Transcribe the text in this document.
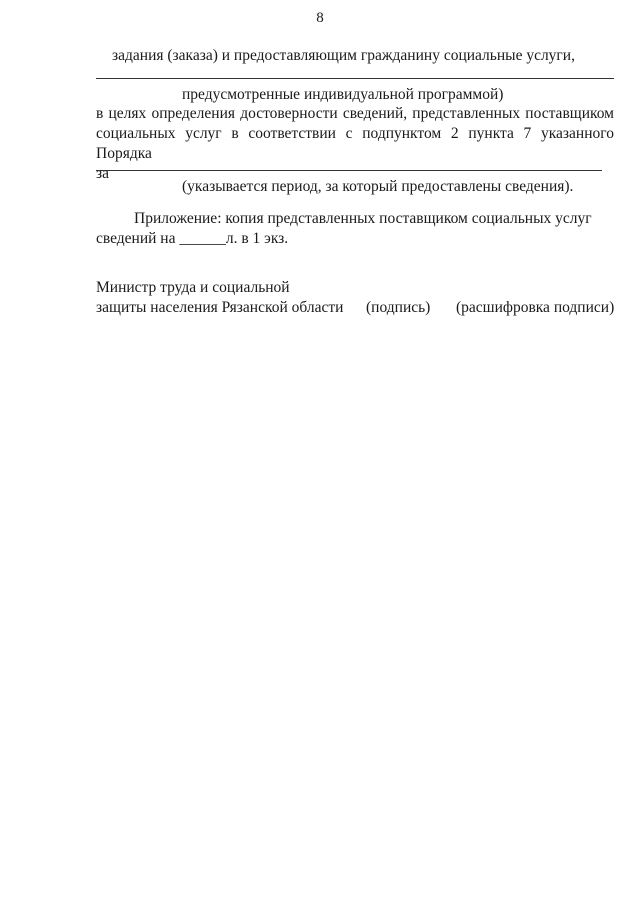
8
задания (заказа) и предоставляющим гражданину социальные услуги,
предусмотренные индивидуальной программой)
в целях определения достоверности сведений, представленных поставщиком
социальных услуг в соответствии с подпунктом 2 пункта 7 указанного Порядка
за
(указывается период, за который предоставлены сведения).
Приложение: копия представленных поставщиком социальных услуг
сведений на ______л. в 1 экз.
Министр труда и социальной
защиты населения Рязанской области (подпись) (расшифровка подписи)
